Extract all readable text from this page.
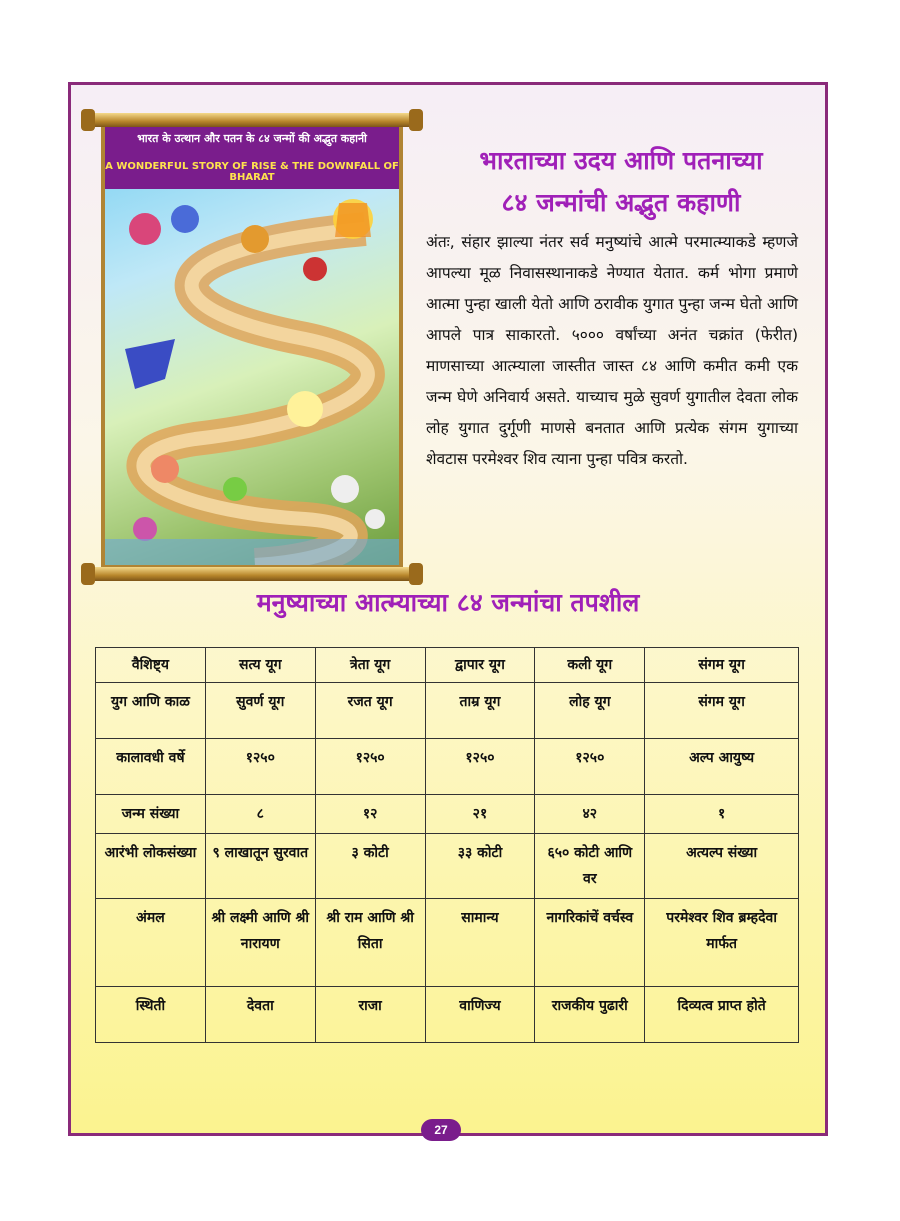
भारत के उत्थान और पतन के ८४ जन्मों की अद्भुत कहानी
A WONDERFUL STORY OF RISE & THE DOWNFALL OF BHARAT
भारताच्या उदय आणि पतनाच्या
८४ जन्मांची अद्भुत कहाणी
अंतः, संहार झाल्या नंतर सर्व मनुष्यांचे आत्मे परमात्म्याकडे म्हणजे आपल्या मूळ निवासस्थानाकडे नेण्यात येतात. कर्म भोगा प्रमाणे आत्मा पुन्हा खाली येतो आणि ठरावीक युगात पुन्हा जन्म घेतो आणि आपले पात्र साकारतो. ५००० वर्षांच्या अनंत चक्रांत (फेरीत) माणसाच्या आत्म्याला जास्तीत जास्त ८४ आणि कमीत कमी एक जन्म घेणे अनिवार्य असते. याच्याच मुळे सुवर्ण युगातील देवता लोक लोह युगात दुर्गूणी माणसे बनतात आणि प्रत्येक संगम युगाच्या शेवटास परमेश्वर शिव त्याना पुन्हा पवित्र करतो.
मनुष्याच्या आत्म्याच्या ८४ जन्मांचा तपशील
वैशिष्ट्य	सत्य यूग	त्रेता यूग	द्वापार यूग	कली यूग	संगम यूग
युग आणि काळ	सुवर्ण यूग	रजत यूग	ताम्र यूग	लोह यूग	संगम यूग
कालावधी वर्षे	१२५०	१२५०	१२५०	१२५०	अल्प आयुष्य
जन्म संख्या	८	१२	२१	४२	१
आरंभी लोकसंख्या	९ लाखातून सुरवात	३ कोटी	३३ कोटी	६५० कोटी आणि वर	अत्यल्प संख्या
अंमल	श्री लक्ष्मी आणि श्री नारायण	श्री राम आणि श्री सिता	सामान्य	नागरिकांचें वर्चस्व	परमेश्वर शिव ब्रम्हदेवा मार्फत
स्थिती	देवता	राजा	वाणिज्य	राजकीय पुढारी	दिव्यत्व प्राप्त होते
27
